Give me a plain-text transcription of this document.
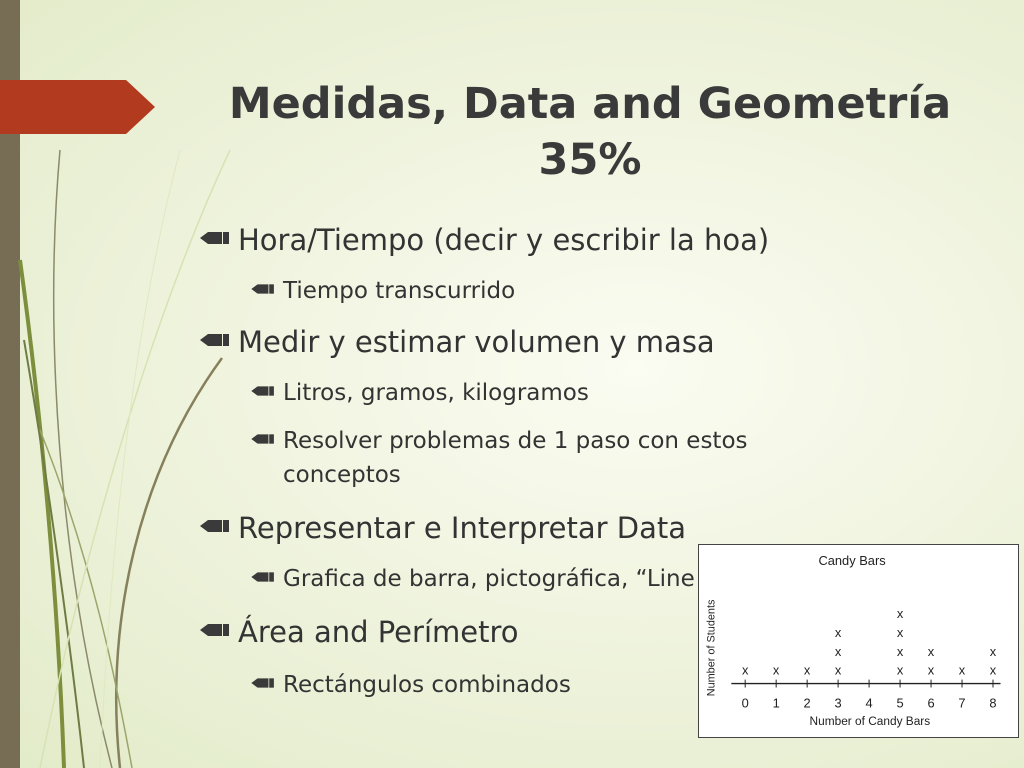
Medidas, Data and Geometría
35%
Hora/Tiempo (decir y escribir la hoa)
Tiempo transcurrido
Medir y estimar volumen y masa
Litros, gramos, kilogramos
Resolver problemas de 1 paso con estos conceptos
Representar e Interpretar Data
Grafica de barra, pictográfica, “Line Plot”
Área and Perímetro
Rectángulos combinados
Candy Bars
Number of Students
0
x
1
x
2
x
3
x
x
x
4 5
x
x
x
x
6
x
x
7
x
8
x
x
Number of Candy Bars
